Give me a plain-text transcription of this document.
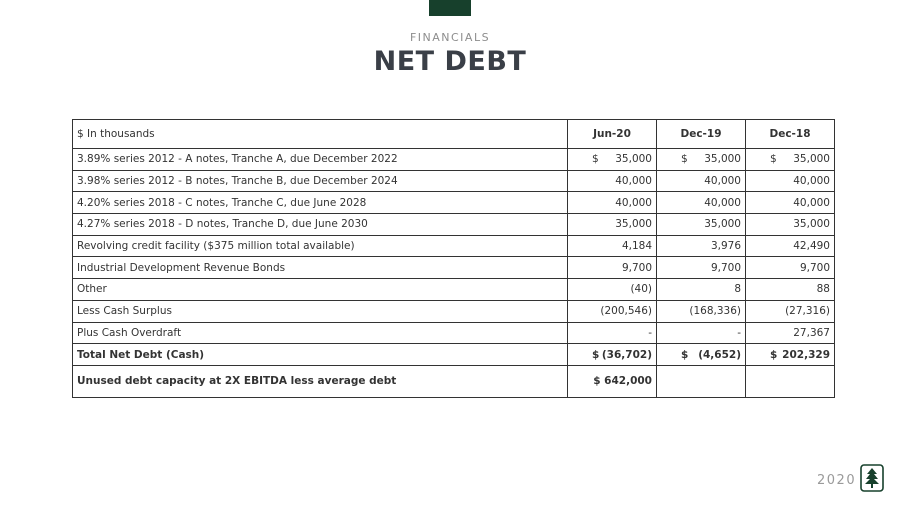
FINANCIALS
NET DEBT
$ In thousands	Jun-20	Dec-19	Dec-18
3.89% series 2012 - A notes, Tranche A, due December 2022	$ 35,000	$ 35,000	$ 35,000
3.98% series 2012 - B notes, Tranche B, due December 2024	40,000	40,000	40,000
4.20% series 2018 - C notes, Tranche C, due June 2028	40,000	40,000	40,000
4.27% series 2018 - D notes, Tranche D, due June 2030	35,000	35,000	35,000
Revolving credit facility ($375 million total available)	4,184	3,976	42,490
Industrial Development Revenue Bonds	9,700	9,700	9,700
Other	(40)	8	88
Less Cash Surplus	(200,546)	(168,336)	(27,316)
Plus Cash Overdraft	-	-	27,367
Total Net Debt (Cash)	$ (36,702)	$ (4,652)	$ 202,329
Unused debt capacity at 2X EBITDA less average debt	$ 642,000		
2020
